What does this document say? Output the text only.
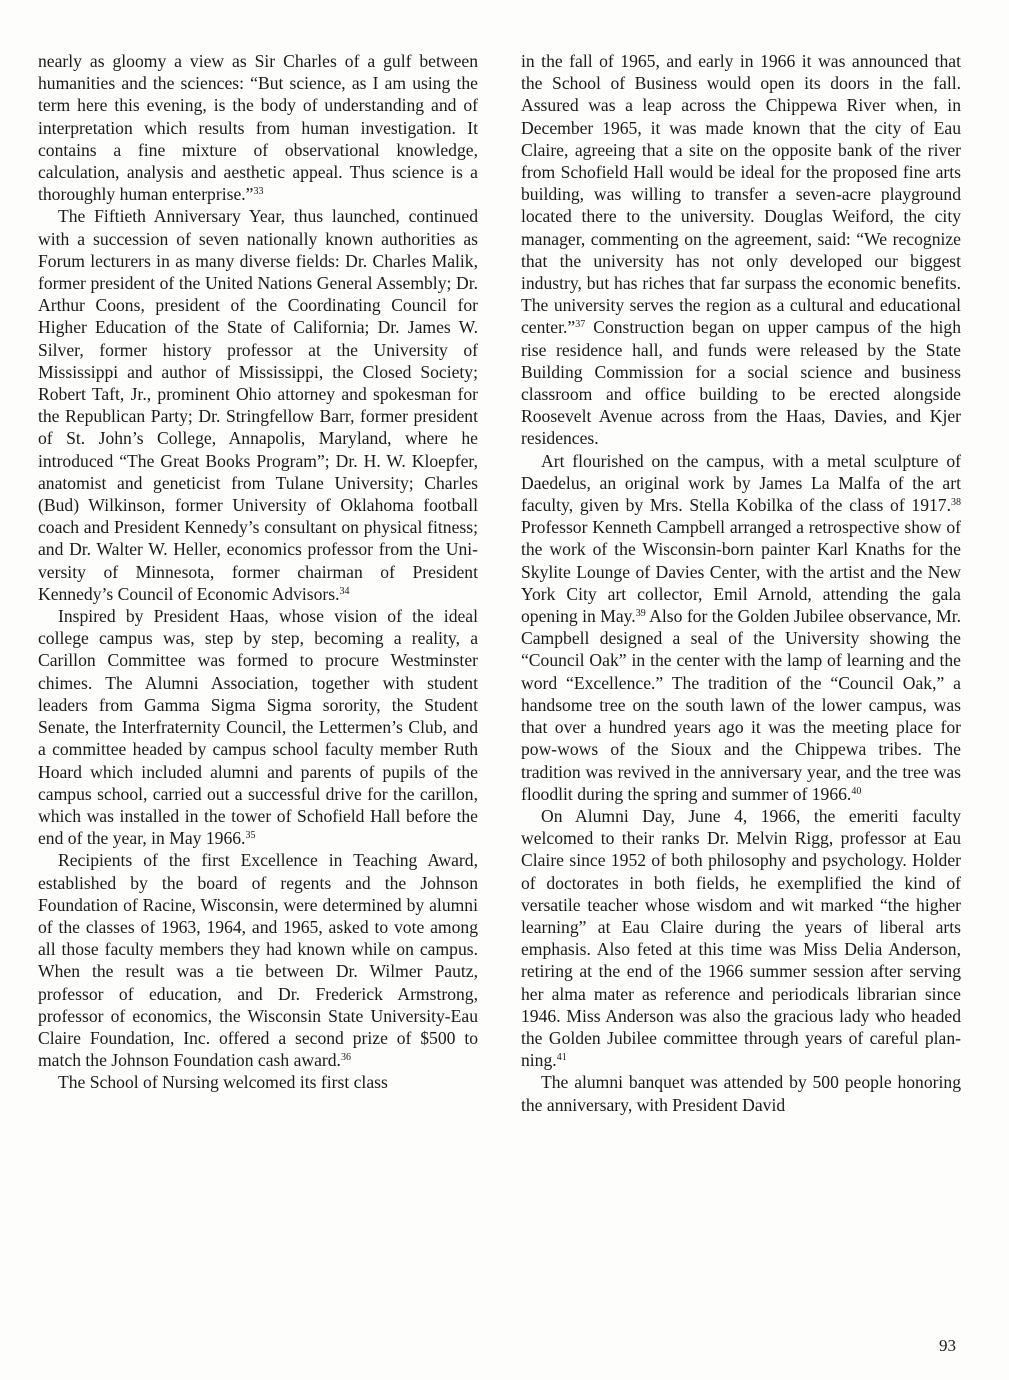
nearly as gloomy a view as Sir Charles of a gulf between humanities and the sciences: “But science, as I am using the term here this evening, is the body of understanding and of interpretation which results from human investigation. It contains a fine mixture of observational knowledge, calculation, analysis and aesthetic appeal. Thus science is a thoroughly human enterprise.”$^{33}$

The Fiftieth Anniversary Year, thus launched, continued with a succession of seven nationally known authorities as Forum lecturers in as many diverse fields: Dr. Charles Malik, former president of the United Nations General Assembly; Dr. Arthur Coons, president of the Coordinating Council for Higher Education of the State of California; Dr. James W. Silver, former history professor at the University of Mississippi and author of Mississippi, the Closed Society; Robert Taft, Jr., prominent Ohio attorney and spokesman for the Republican Party; Dr. Stringfellow Barr, former president of St. John’s College, Annapolis, Maryland, where he introduced “The Great Books Program”; Dr. H. W. Kloepfer, anatomist and geneticist from Tulane University; Charles (Bud) Wilkinson, former University of Oklahoma football coach and President Kennedy’s consultant on physical fitness; and Dr. Walter W. Heller, economics professor from the University of Minnesota, former chairman of President Kennedy’s Council of Economic Advisors.$^{34}$

Inspired by President Haas, whose vision of the ideal college campus was, step by step, becoming a reality, a Carillon Committee was formed to procure Westminster chimes. The Alumni Association, together with student leaders from Gamma Sigma Sigma sorority, the Student Senate, the Interfraternity Council, the Lettermen’s Club, and a committee headed by campus school faculty member Ruth Hoard which included alumni and parents of pupils of the campus school, carried out a successful drive for the carillon, which was installed in the tower of Schofield Hall before the end of the year, in May 1966.35

Recipients of the first Excellence in Teaching Award, established by the board of regents and the Johnson Foundation of Racine, Wisconsin, were determined by alumni of the classes of 1963, 1964, and 1965, asked to vote among all those faculty members they had known while on campus. When the result was a tie between Dr. Wilmer Pautz, professor of education, and Dr. Frederick Armstrong, professor of economics, the Wisconsin State University-Eau Claire Foundation, Inc. offered a second prize of $500 to match the Johnson Foundation cash award.$^{36}$

The School of Nursing welcomed its first class

in the fall of 1965, and early in 1966 it was announced that the School of Business would open its doors in the fall. Assured was a leap across the Chippewa River when, in December 1965, it was made known that the city of Eau Claire, agreeing that a site on the opposite bank of the river from Schofield Hall would be ideal for the proposed fine arts building, was willing to transfer a seven-acre playground located there to the university. Douglas Weiford, the city manager, commenting on the agreement, said: “We recognize that the university has not only developed our biggest industry, but has riches that far surpass the economic benefits. The university serves the region as a cultural and educational center.”$^{37}$ Construction began on upper campus of the high rise residence hall, and funds were released by the State Building Commission for a social science and business classroom and office building to be erected alongside Roosevelt Avenue across from the Haas, Davies, and Kjer residences.

Art flourished on the campus, with a metal sculpture of Daedelus, an original work by James La Malfa of the art faculty, given by Mrs. Stella Kobilka of the class of 1917.38 Professor Kenneth Campbell arranged a retrospective show of the work of the Wisconsin-born painter Karl Knaths for the Skylite Lounge of Davies Center, with the artist and the New York City art collector, Emil Arnold, attending the gala opening in May.$^{39}$ Also for the Golden Jubilee observance, Mr. Campbell designed a seal of the University showing the “Council Oak” in the center with the lamp of learning and the word “Excellence.” The tradition of the “Council Oak,” a handsome tree on the south lawn of the lower campus, was that over a hundred years ago it was the meeting place for pow-wows of the Sioux and the Chippewa tribes. The tradition was revived in the anniversary year, and the tree was floodlit during the spring and summer of 1966.40

On Alumni Day, June 4, 1966, the emeriti faculty welcomed to their ranks Dr. Melvin Rigg, professor at Eau Claire since 1952 of both philosophy and psychology. Holder of doctorates in both fields, he exemplified the kind of versatile teacher whose wisdom and wit marked “the higher learning” at Eau Claire during the years of liberal arts emphasis. Also feted at this time was Miss Delia Anderson, retiring at the end of the 1966 summer session after serving her alma mater as reference and periodicals librarian since 1946. Miss Anderson was also the gracious lady who headed the Golden Jubilee committee through years of careful planning.$^{41}$

The alumni banquet was attended by 500 people honoring the anniversary, with President David

93
